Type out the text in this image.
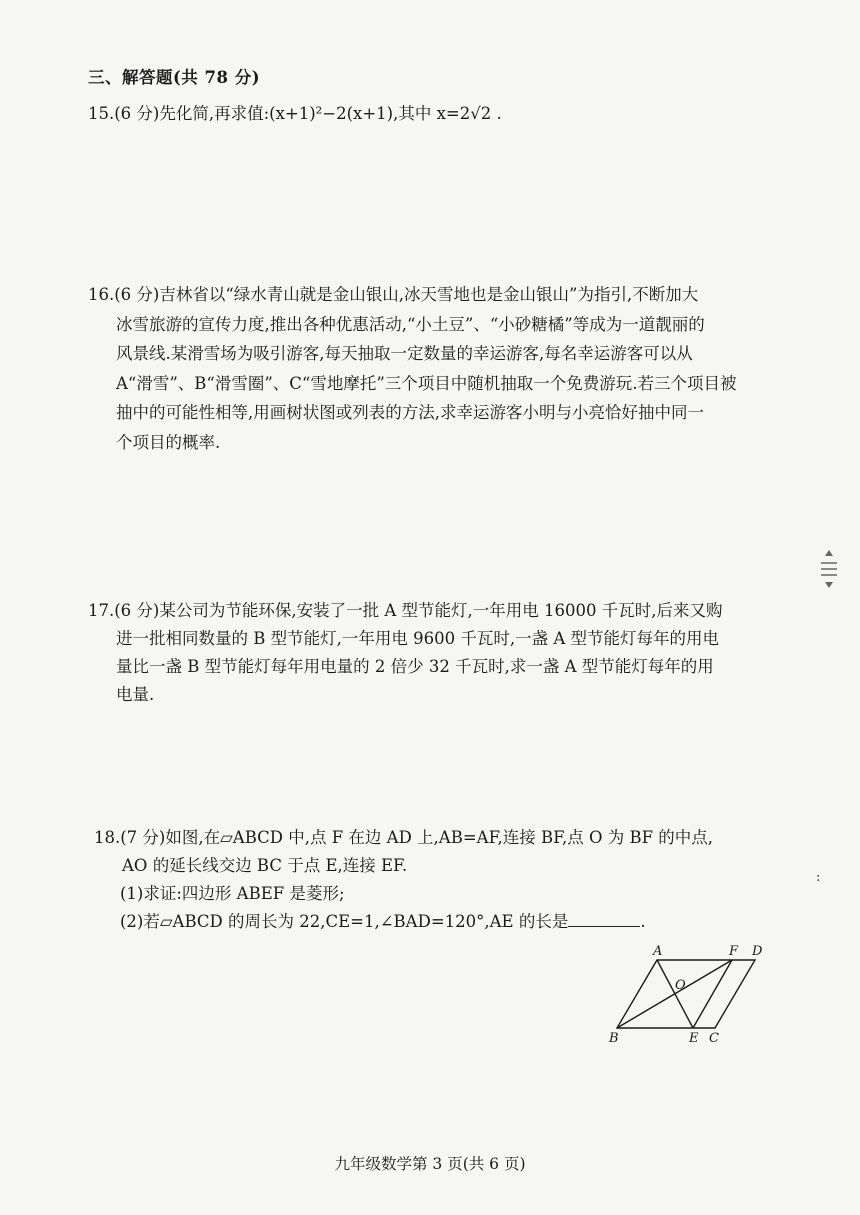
三、解答题(共 78 分)

15.(6 分)先化简,再求值:(x+1)²−2(x+1),其中 x=2√2 .

16.(6 分)吉林省以“绿水青山就是金山银山,冰天雪地也是金山银山”为指引,不断加大

冰雪旅游的宣传力度,推出各种优惠活动,“小土豆”、“小砂糖橘”等成为一道靓丽的

风景线.某滑雪场为吸引游客,每天抽取一定数量的幸运游客,每名幸运游客可以从

A“滑雪”、B“滑雪圈”、C“雪地摩托”三个项目中随机抽取一个免费游玩.若三个项目被

抽中的可能性相等,用画树状图或列表的方法,求幸运游客小明与小亮恰好抽中同一

个项目的概率.

17.(6 分)某公司为节能环保,安装了一批 A 型节能灯,一年用电 16000 千瓦时,后来又购

进一批相同数量的 B 型节能灯,一年用电 9600 千瓦时,一盏 A 型节能灯每年的用电

量比一盏 B 型节能灯每年用电量的 2 倍少 32 千瓦时,求一盏 A 型节能灯每年的用

电量.

18.(7 分)如图,在▱ABCD 中,点 F 在边 AD 上,AB=AF,连接 BF,点 O 为 BF 的中点,

AO 的延长线交边 BC 于点 E,连接 EF.

(1)求证:四边形 ABEF 是菱形;

(2)若▱ABCD 的周长为 22,CE=1,∠BAD=120°,AE 的长是	.

A	F D
O
B	E C
九年级数学第 3 页(共 6 页)
:
